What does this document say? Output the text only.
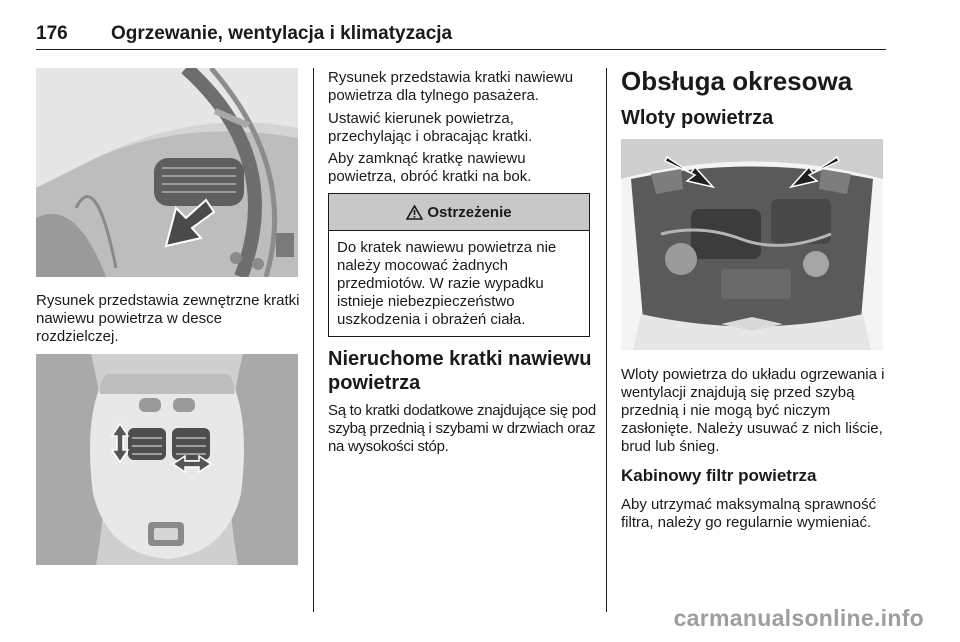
176 Ogrzewanie, wentylacja i klimatyzacja
Rysunek przedstawia zewnętrzne kratki nawiewu powietrza w desce rozdzielczej.
Rysunek przedstawia kratki nawiewu powietrza dla tylnego pasażera.
Ustawić kierunek powietrza, przechylając i obracając kratki.
Aby zamknąć kratkę nawiewu powietrza, obróć kratki na bok.
Ostrzeżenie
Do kratek nawiewu powietrza nie należy mocować żadnych przedmiotów. W razie wypadku istnieje niebezpieczeństwo uszkodzenia i obrażeń ciała.
Nieruchome kratki nawiewu powietrza
Są to kratki dodatkowe znajdujące się pod szybą przednią i szybami w drzwiach oraz na wysokości stóp.
Obsługa okresowa
Wloty powietrza
Wloty powietrza do układu ogrzewania i wentylacji znajdują się przed szybą przednią i nie mogą być niczym zasłonięte. Należy usuwać z nich liście, brud lub śnieg.
Kabinowy filtr powietrza
Aby utrzymać maksymalną sprawność filtra, należy go regularnie wymieniać.
carmanualsonline.info
